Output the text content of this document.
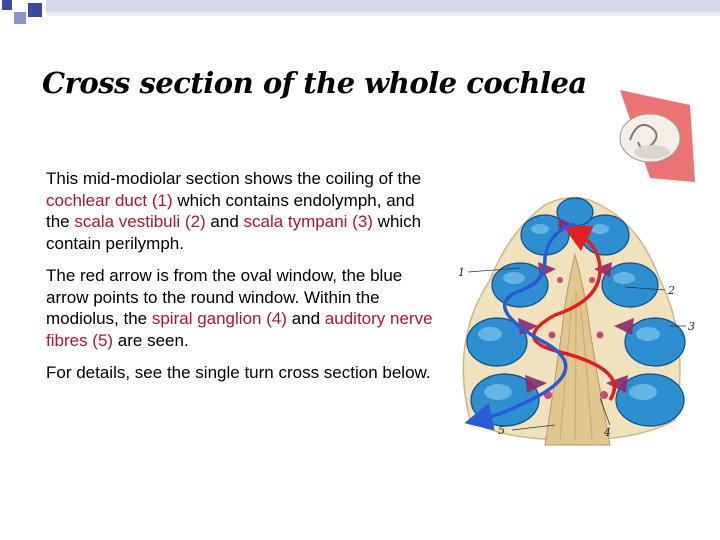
Cross section of the whole cochlea

This mid-modiolar section shows the coiling of the cochlear duct (1) which contains endolymph, and the scala vestibuli (2) and scala tympani (3) which contain perilymph.

The red arrow is from the oval window, the blue arrow points to the round window. Within the modiolus, the spiral ganglion (4) and auditory nerve fibres (5) are seen.

For details, see the single turn cross section below.

1
2
3
4
5
